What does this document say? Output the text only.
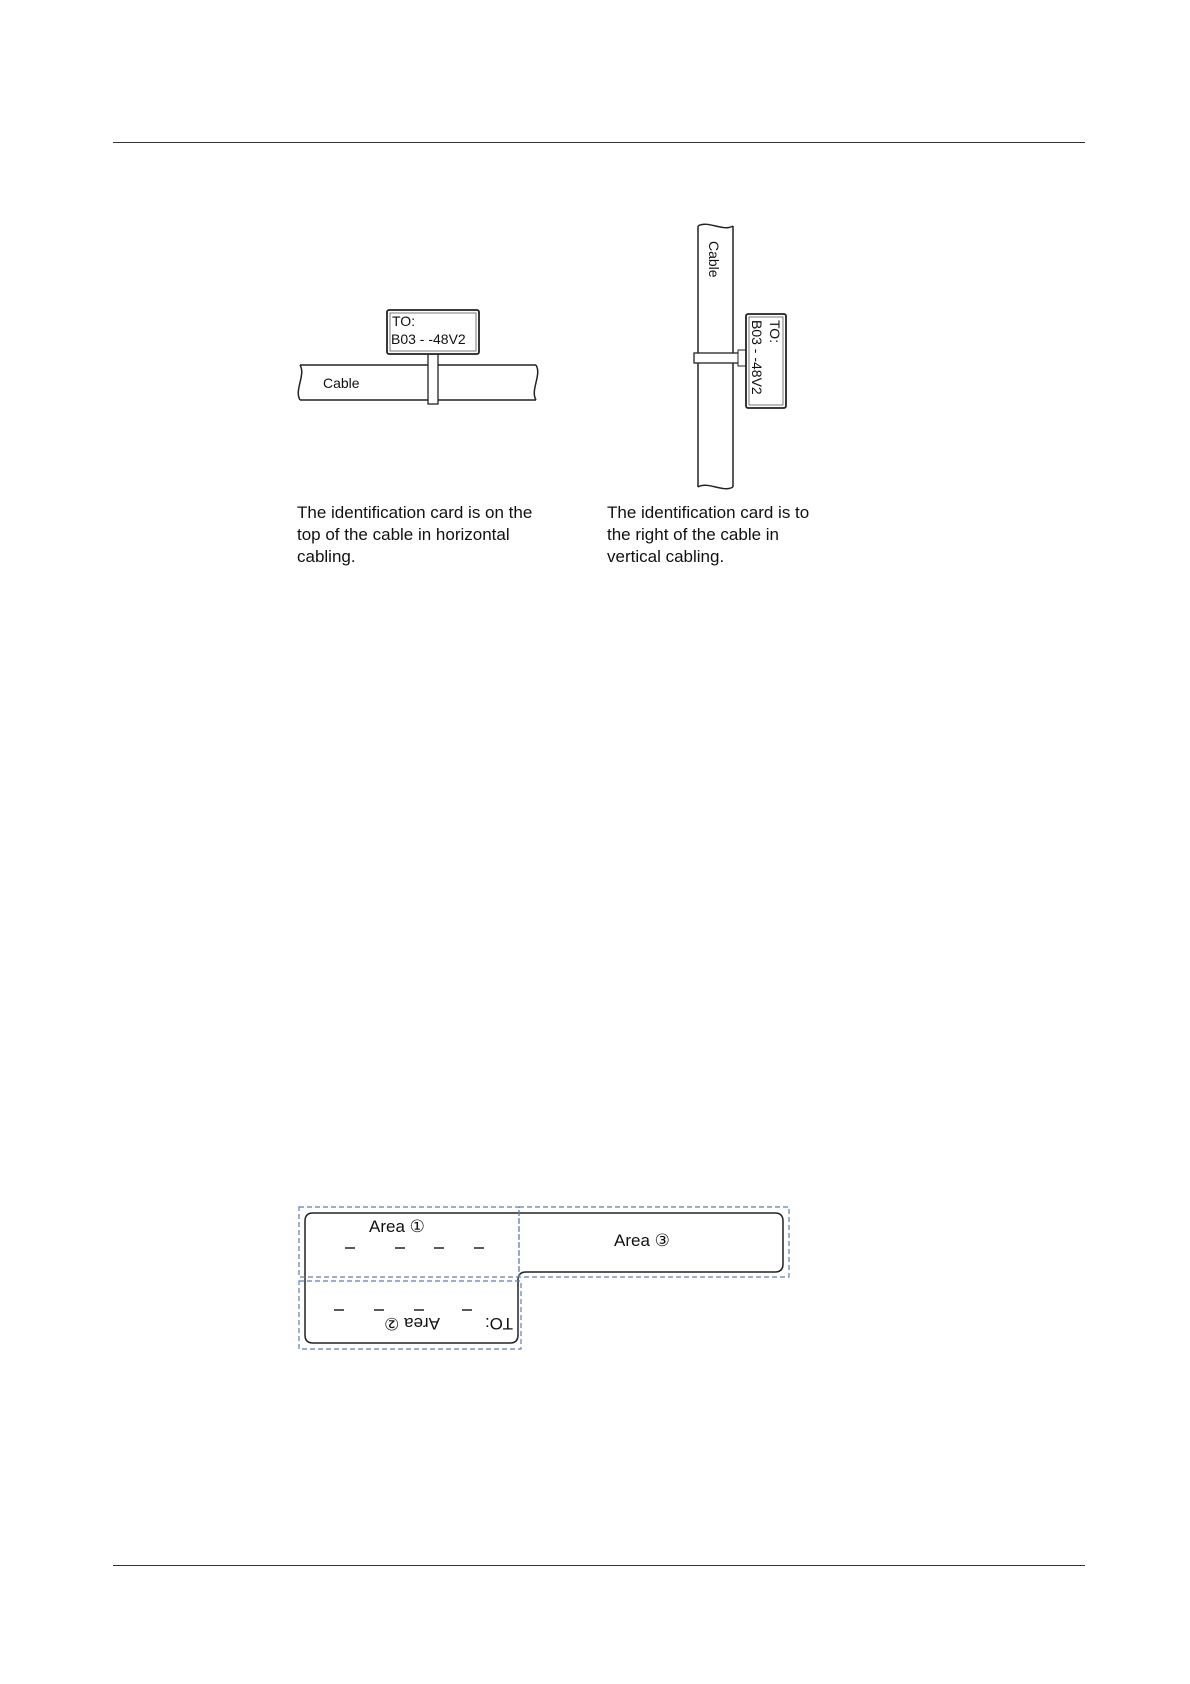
Cable
TO:
B03 - -48V2
The identification card is on the
top of the cable in horizontal
cabling.
Cable
TO:
B03 - -48V2
The identification card is to
the right of the cable in
vertical cabling.
Area ①
Area ②	TO:
Area ③
